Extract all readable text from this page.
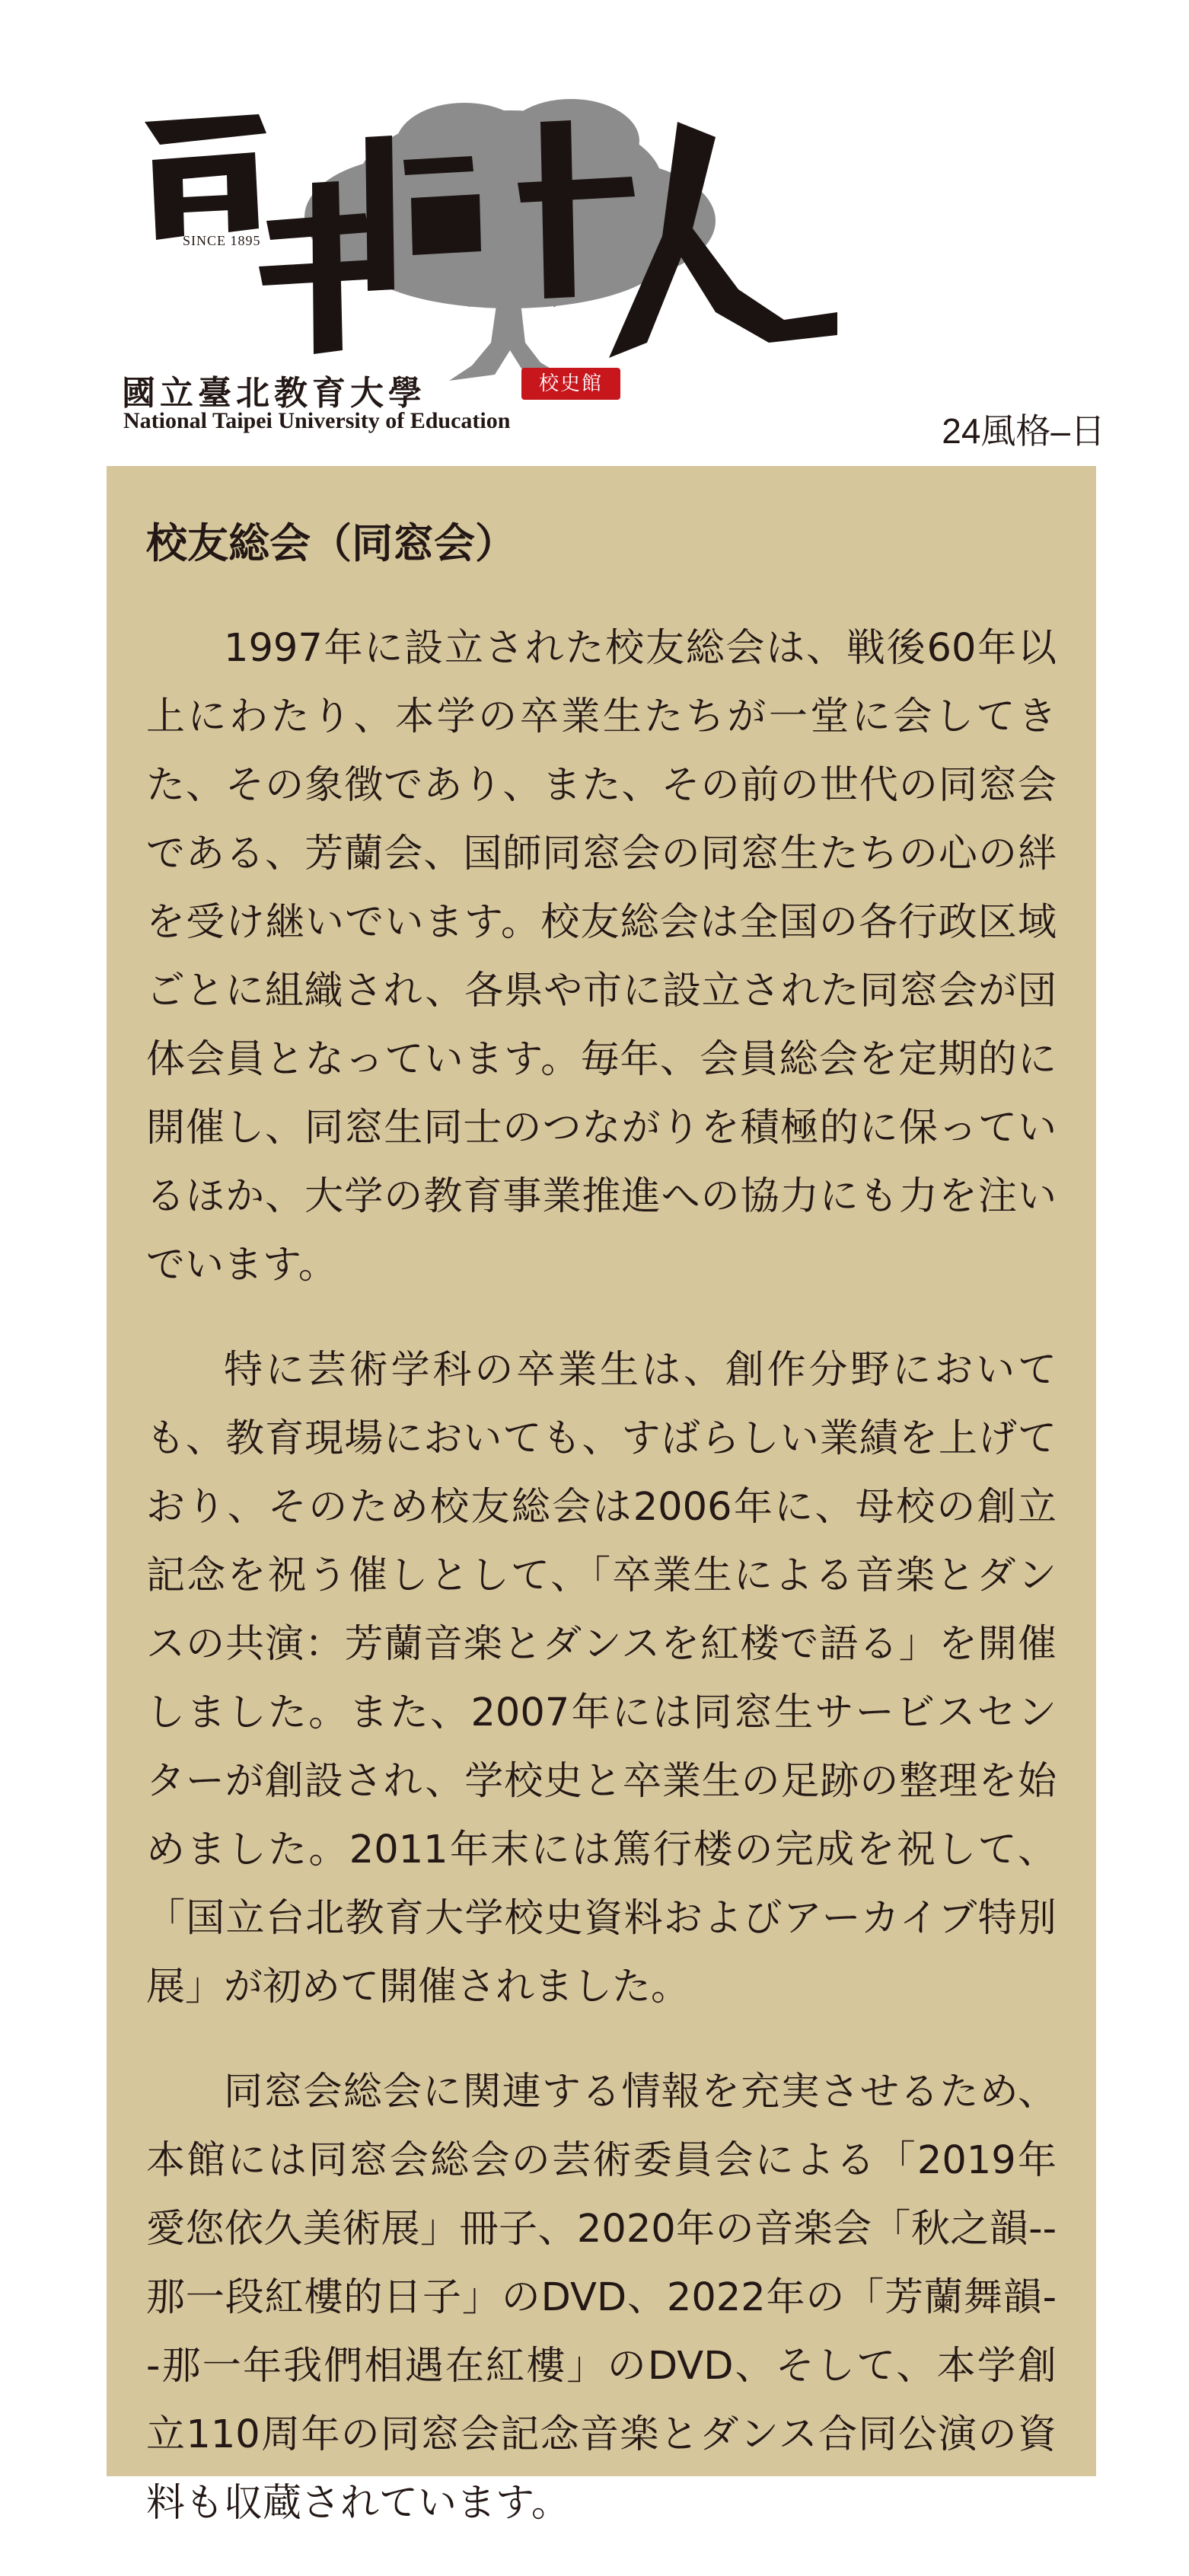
SINCE 1895
國立臺北教育大學
National Taipei University of Education
校史館
24風格–日
校友総会（同窓会）

1997年に設立された校友総会は、戦後60年以上にわたり、本学の卒業生たちが一堂に会してきた、その象徴であり、また、その前の世代の同窓会である、芳蘭会、国師同窓会の同窓生たちの心の絆を受け継いでいます。校友総会は全国の各行政区域ごとに組織され、各県や市に設立された同窓会が団体会員となっています。毎年、会員総会を定期的に開催し、同窓生同士のつながりを積極的に保っているほか、大学の教育事業推進への協力にも力を注いでいます。

特に芸術学科の卒業生は、創作分野においても、教育現場においても、すばらしい業績を上げており、そのため校友総会は2006年に、母校の創立記念を祝う催しとして、「卒業生による音楽とダンスの共演：芳蘭音楽とダンスを紅楼で語る」を開催しました。また、2007年には同窓生サービスセンターが創設され、学校史と卒業生の足跡の整理を始めました。2011年末には篤行楼の完成を祝して、「国立台北教育大学校史資料およびアーカイブ特別展」が初めて開催されました。

同窓会総会に関連する情報を充実させるため、本館には同窓会総会の芸術委員会による「2019年愛您依久美術展」冊子、2020年の音楽会「秋之韻--那一段紅樓的日子」のDVD、2022年の「芳蘭舞韻--那一年我們相遇在紅樓」のDVD、そして、本学創立110周年の同窓会記念音楽とダンス合同公演の資料も収蔵されています。
